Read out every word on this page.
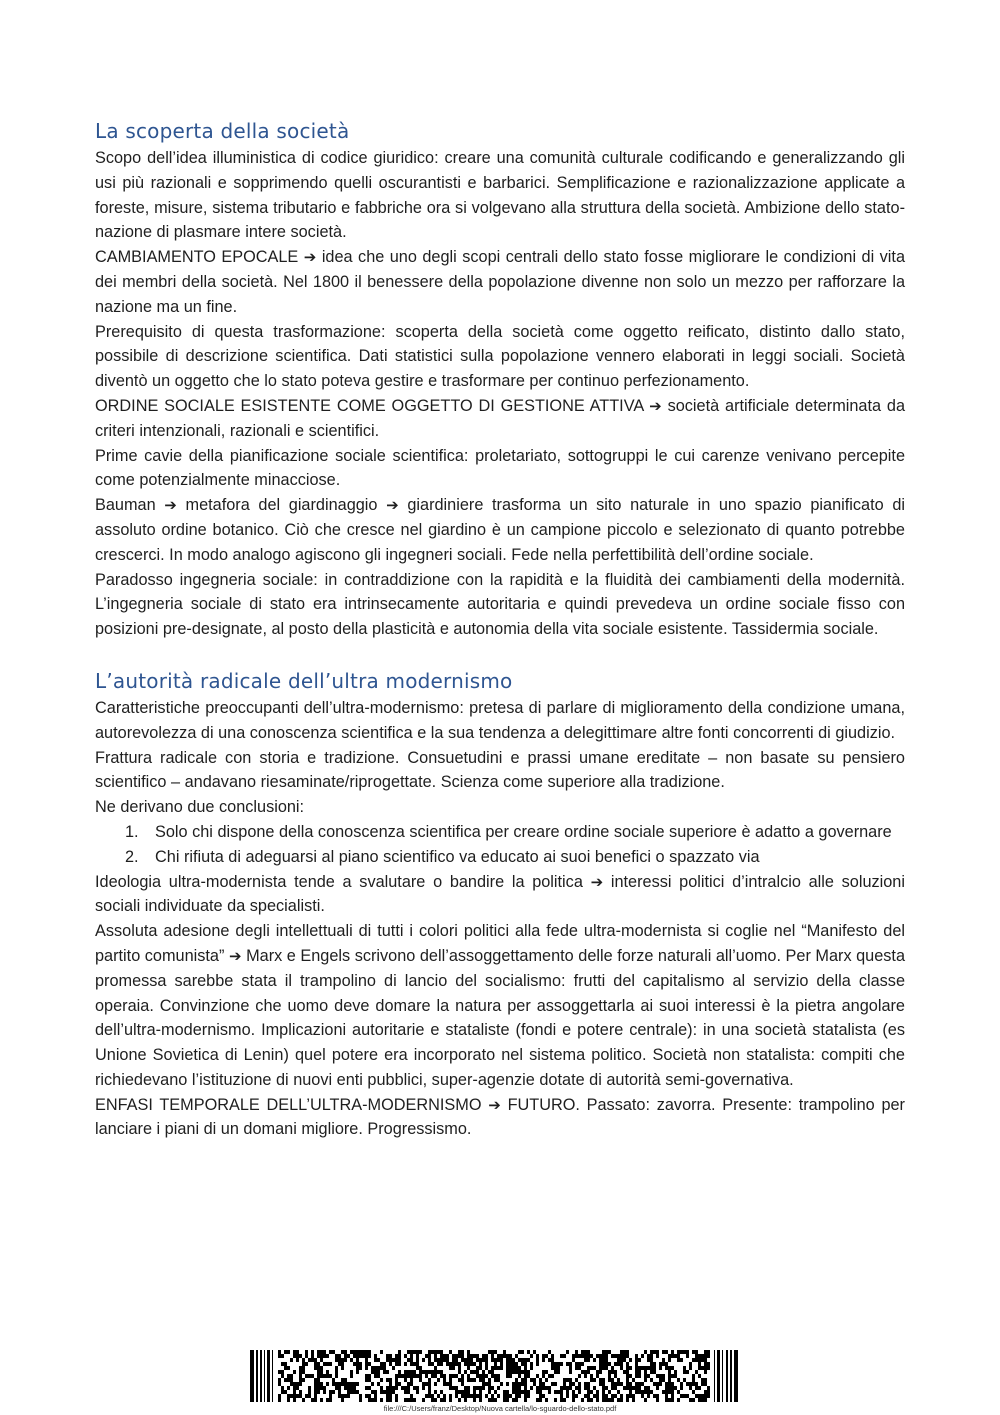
La scoperta della società

Scopo dell’idea illuministica di codice giuridico: creare una comunità culturale codificando e generalizzando gli usi più razionali e sopprimendo quelli oscurantisti e barbarici. Semplificazione e razionalizzazione applicate a foreste, misure, sistema tributario e fabbriche ora si volgevano alla struttura della società. Ambizione dello stato-nazione di plasmare intere società.

CAMBIAMENTO EPOCALE ➔ idea che uno degli scopi centrali dello stato fosse migliorare le condizioni di vita dei membri della società. Nel 1800 il benessere della popolazione divenne non solo un mezzo per rafforzare la nazione ma un fine.

Prerequisito di questa trasformazione: scoperta della società come oggetto reificato, distinto dallo stato, possibile di descrizione scientifica. Dati statistici sulla popolazione vennero elaborati in leggi sociali. Società diventò un oggetto che lo stato poteva gestire e trasformare per continuo perfezionamento.

ORDINE SOCIALE ESISTENTE COME OGGETTO DI GESTIONE ATTIVA ➔ società artificiale determinata da criteri intenzionali, razionali e scientifici.

Prime cavie della pianificazione sociale scientifica: proletariato, sottogruppi le cui carenze venivano percepite come potenzialmente minacciose.

Bauman ➔ metafora del giardinaggio ➔ giardiniere trasforma un sito naturale in uno spazio pianificato di assoluto ordine botanico. Ciò che cresce nel giardino è un campione piccolo e selezionato di quanto potrebbe crescerci. In modo analogo agiscono gli ingegneri sociali. Fede nella perfettibilità dell’ordine sociale.

Paradosso ingegneria sociale: in contraddizione con la rapidità e la fluidità dei cambiamenti della modernità. L’ingegneria sociale di stato era intrinsecamente autoritaria e quindi prevedeva un ordine sociale fisso con posizioni pre-designate, al posto della plasticità e autonomia della vita sociale esistente. Tassidermia sociale.

L’autorità radicale dell’ultra modernismo

Caratteristiche preoccupanti dell’ultra-modernismo: pretesa di parlare di miglioramento della condizione umana, autorevolezza di una conoscenza scientifica e la sua tendenza a delegittimare altre fonti concorrenti di giudizio.

Frattura radicale con storia e tradizione. Consuetudini e prassi umane ereditate – non basate su pensiero scientifico – andavano riesaminate/riprogettate. Scienza come superiore alla tradizione.

Ne derivano due conclusioni:

1. Solo chi dispone della conoscenza scientifica per creare ordine sociale superiore è adatto a governare
2. Chi rifiuta di adeguarsi al piano scientifico va educato ai suoi benefici o spazzato via

Ideologia ultra-modernista tende a svalutare o bandire la politica ➔ interessi politici d’intralcio alle soluzioni sociali individuate da specialisti.

Assoluta adesione degli intellettuali di tutti i colori politici alla fede ultra-modernista si coglie nel “Manifesto del partito comunista” ➔ Marx e Engels scrivono dell’assoggettamento delle forze naturali all’uomo. Per Marx questa promessa sarebbe stata il trampolino di lancio del socialismo: frutti del capitalismo al servizio della classe operaia. Convinzione che uomo deve domare la natura per assoggettarla ai suoi interessi è la pietra angolare dell’ultra-modernismo. Implicazioni autoritarie e stataliste (fondi e potere centrale): in una società statalista (es Unione Sovietica di Lenin) quel potere era incorporato nel sistema politico. Società non statalista: compiti che richiedevano l’istituzione di nuovi enti pubblici, super-agenzie dotate di autorità semi-governativa.

ENFASI TEMPORALE DELL’ULTRA-MODERNISMO ➔ FUTURO. Passato: zavorra. Presente: trampolino per lanciare i piani di un domani migliore. Progressismo.

file:///C:/Users/franz/Desktop/Nuova cartella/lo-sguardo-dello-stato.pdf
